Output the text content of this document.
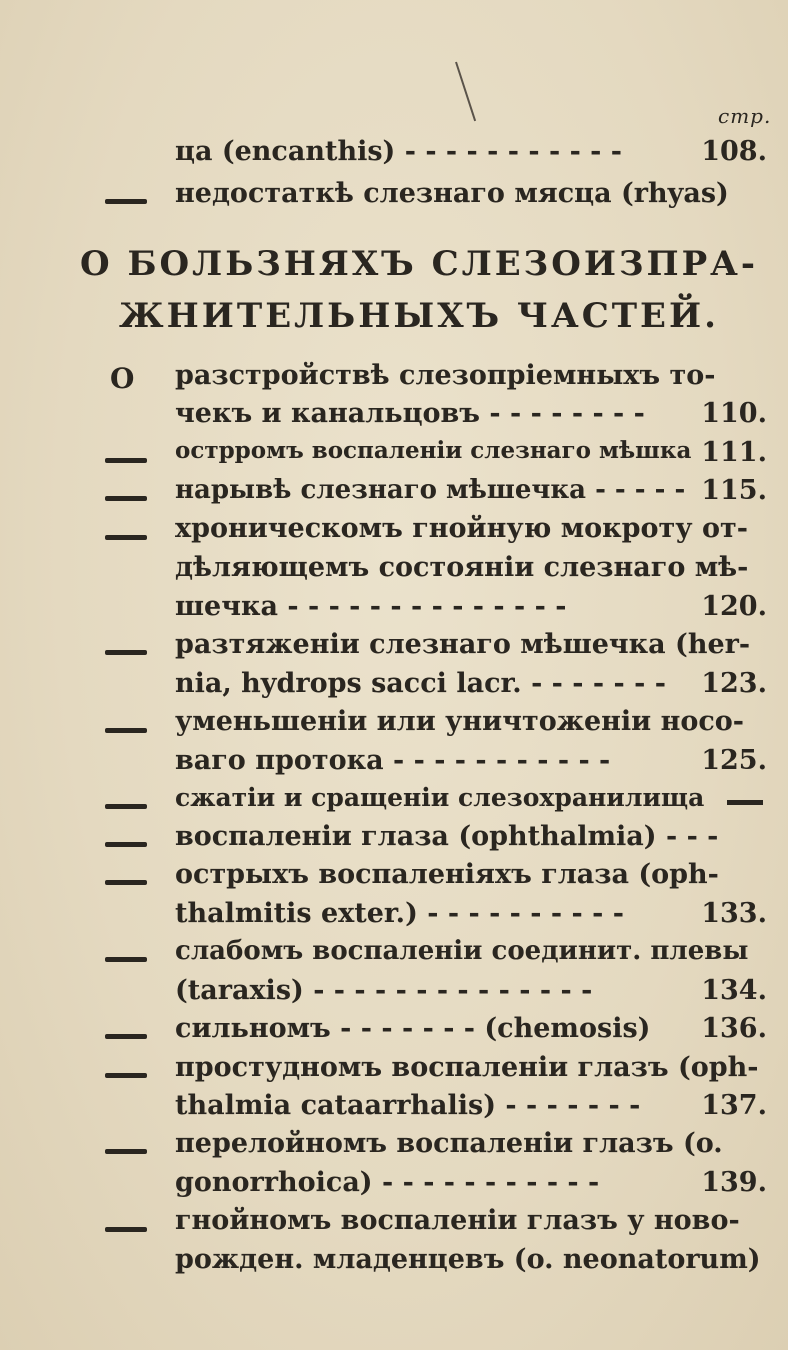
стр.
ца (encanthis) - - - - - - - - - - -	108.
недостаткѣ слезнаго мясца (rhyas)
О БОЛЬЗНЯХЪ СЛЕЗОИЗПРА-
ЖНИТЕЛЬНЫХЪ ЧАСТЕЙ.
О разстройствѣ слезопріемныхъ то-
чекъ и канальцовъ - - - - - - - - 110.
острромъ воспаленіи слезнаго мѣшка 111.
нарывѣ слезнаго мѣшечка - - - - - 115.
хроническомъ гнойную мокроту от-
дѣляющемъ состояніи слезнаго мѣ-
шечка - - - - - - - - - - - - - -	120.
разтяженіи слезнаго мѣшечка (her-
nia, hydrops sacci lacr. - - - - - - - 123.
уменьшеніи или уничтоженіи носо-
ваго протока - - - - - - - - - - -	125.
сжатіи и сращеніи слезохранилища
воспаленіи глаза (ophthalmia) - - -
острыхъ воспаленіяхъ глаза (oph-
thalmitis exter.) - - - - - - - - - -	133.
слабомъ воспаленіи соединит. плевы
(taraxis) - - - - - - - - - - - - - -	134.
сильномъ - - - - - - - (chemosis) 136.
простудномъ воспаленіи глазъ (oph-
thalmia cataarrhalis) - - - - - - - 137.
перелойномъ воспаленіи глазъ (o.
gonorrhoica) - - - - - - - - - - -	139.
гнойномъ воспаленіи глазъ у ново-
рожден. младенцевъ (o. neonatorum)
